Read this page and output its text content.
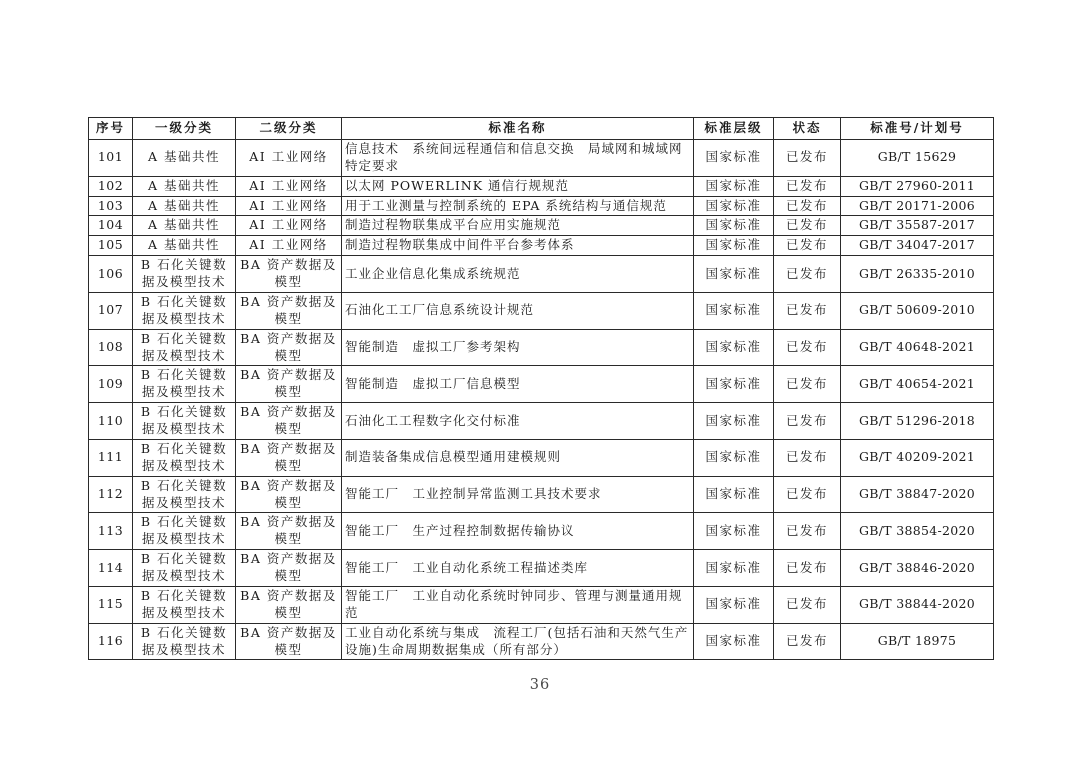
序号	一级分类	二级分类	标准名称	标准层级	状态	标准号/计划号
101	A 基础共性	AI 工业网络	信息技术　系统间远程通信和信息交换　局域网和城域网特定要求	国家标准	已发布	GB/T 15629
102	A 基础共性	AI 工业网络	以太网 POWERLINK 通信行规规范	国家标准	已发布	GB/T 27960-2011
103	A 基础共性	AI 工业网络	用于工业测量与控制系统的 EPA 系统结构与通信规范	国家标准	已发布	GB/T 20171-2006
104	A 基础共性	AI 工业网络	制造过程物联集成平台应用实施规范	国家标准	已发布	GB/T 35587-2017
105	A 基础共性	AI 工业网络	制造过程物联集成中间件平台参考体系	国家标准	已发布	GB/T 34047-2017
106	B 石化关键数据及模型技术	BA 资产数据及模型	工业企业信息化集成系统规范	国家标准	已发布	GB/T 26335-2010
107	B 石化关键数据及模型技术	BA 资产数据及模型	石油化工工厂信息系统设计规范	国家标准	已发布	GB/T 50609-2010
108	B 石化关键数据及模型技术	BA 资产数据及模型	智能制造　虚拟工厂参考架构	国家标准	已发布	GB/T 40648-2021
109	B 石化关键数据及模型技术	BA 资产数据及模型	智能制造　虚拟工厂信息模型	国家标准	已发布	GB/T 40654-2021
110	B 石化关键数据及模型技术	BA 资产数据及模型	石油化工工程数字化交付标准	国家标准	已发布	GB/T 51296-2018
111	B 石化关键数据及模型技术	BA 资产数据及模型	制造装备集成信息模型通用建模规则	国家标准	已发布	GB/T 40209-2021
112	B 石化关键数据及模型技术	BA 资产数据及模型	智能工厂　工业控制异常监测工具技术要求	国家标准	已发布	GB/T 38847-2020
113	B 石化关键数据及模型技术	BA 资产数据及模型	智能工厂　生产过程控制数据传输协议	国家标准	已发布	GB/T 38854-2020
114	B 石化关键数据及模型技术	BA 资产数据及模型	智能工厂　工业自动化系统工程描述类库	国家标准	已发布	GB/T 38846-2020
115	B 石化关键数据及模型技术	BA 资产数据及模型	智能工厂　工业自动化系统时钟同步、管理与测量通用规范	国家标准	已发布	GB/T 38844-2020
116	B 石化关键数据及模型技术	BA 资产数据及模型	工业自动化系统与集成　流程工厂(包括石油和天然气生产设施)生命周期数据集成（所有部分）	国家标准	已发布	GB/T 18975
36
